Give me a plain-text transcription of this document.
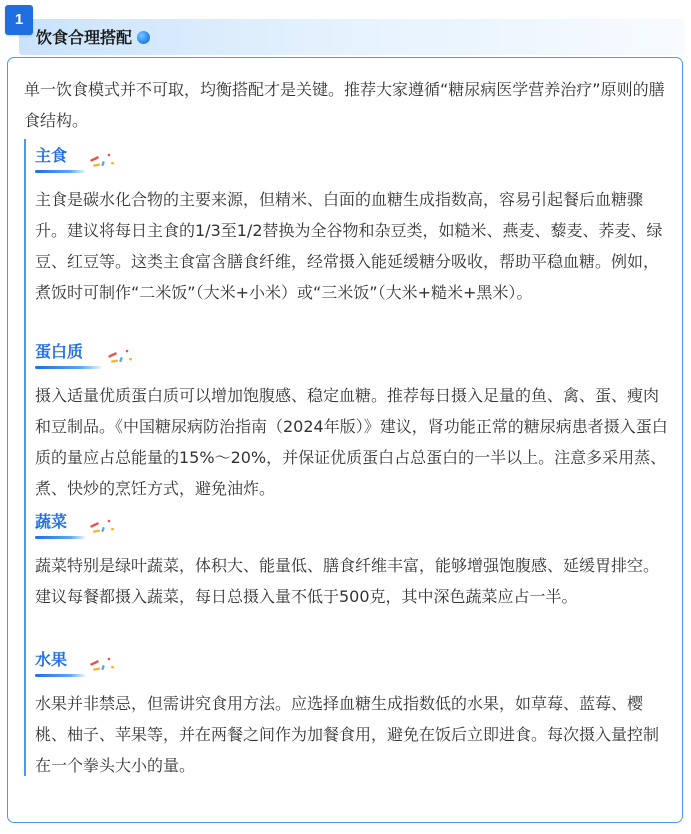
1
饮食合理搭配

单一饮食模式并不可取，均衡搭配才是关键。推荐大家遵循“糖尿病医学营养治疗”原则的膳食结构。

主食

主食是碳水化合物的主要来源，但精米、白面的血糖生成指数高，容易引起餐后血糖骤升。建议将每日主食的1/3至1/2替换为全谷物和杂豆类，如糙米、燕麦、藜麦、荞麦、绿豆、红豆等。这类主食富含膳食纤维，经常摄入能延缓糖分吸收，帮助平稳血糖。例如，煮饭时可制作“二米饭”（大米+小米）或“三米饭”（大米+糙米+黑米）。

蛋白质

摄入适量优质蛋白质可以增加饱腹感、稳定血糖。推荐每日摄入足量的鱼、禽、蛋、瘦肉和豆制品。《中国糖尿病防治指南（2024年版）》建议，肾功能正常的糖尿病患者摄入蛋白质的量应占总能量的15%～20%，并保证优质蛋白占总蛋白的一半以上。注意多采用蒸、煮、快炒的烹饪方式，避免油炸。

蔬菜

蔬菜特别是绿叶蔬菜，体积大、能量低、膳食纤维丰富，能够增强饱腹感、延缓胃排空。建议每餐都摄入蔬菜，每日总摄入量不低于500克，其中深色蔬菜应占一半。

水果

水果并非禁忌，但需讲究食用方法。应选择血糖生成指数低的水果，如草莓、蓝莓、樱桃、柚子、苹果等，并在两餐之间作为加餐食用，避免在饭后立即进食。每次摄入量控制在一个拳头大小的量。
